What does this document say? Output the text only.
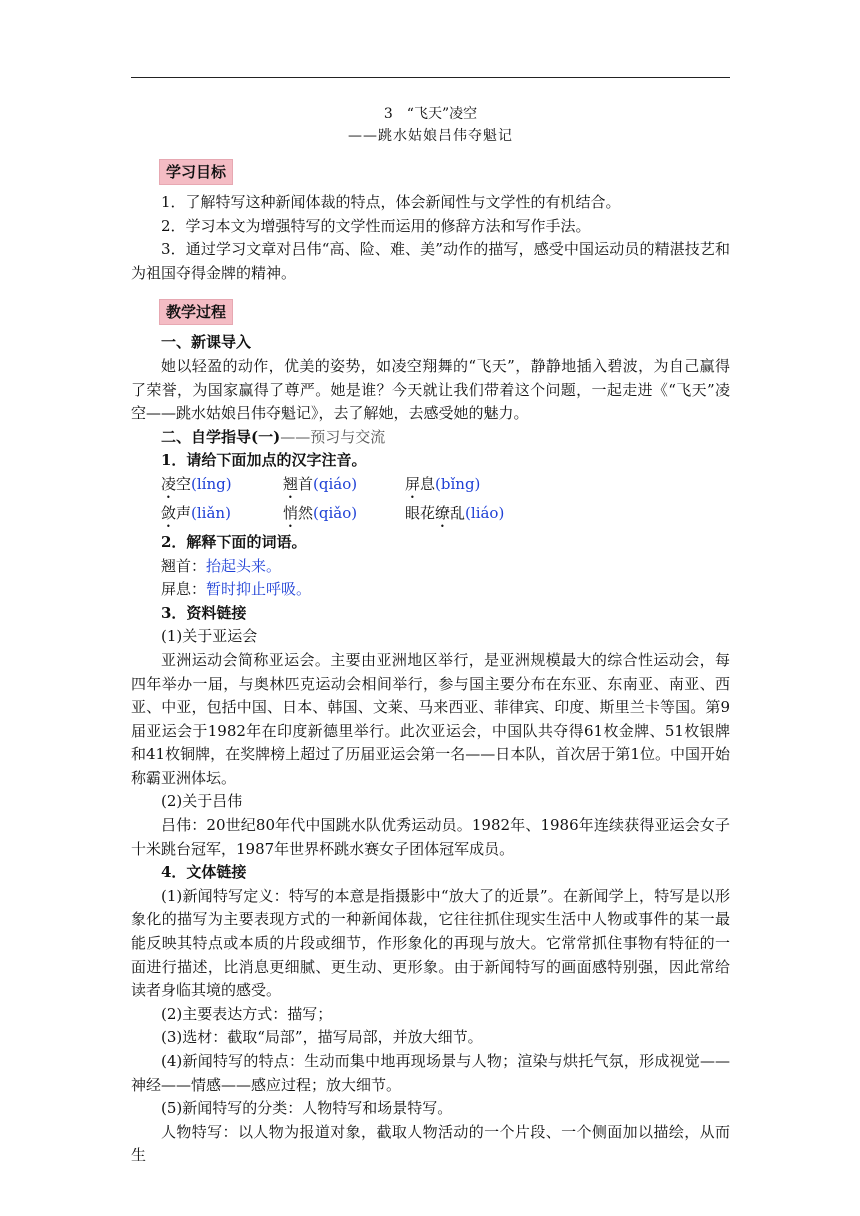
3　“飞天”凌空

——跳水姑娘吕伟夺魁记

学习目标

1．了解特写这种新闻体裁的特点，体会新闻性与文学性的有机结合。

2．学习本文为增强特写的文学性而运用的修辞方法和写作手法。

3．通过学习文章对吕伟“高、险、难、美”动作的描写，感受中国运动员的精湛技艺和为祖国夺得金牌的精神。

教学过程

一、新课导入

她以轻盈的动作，优美的姿势，如凌空翔舞的“飞天”，静静地插入碧波，为自己赢得了荣誉，为国家赢得了尊严。她是谁？今天就让我们带着这个问题，一起走进《“飞天”凌空——跳水姑娘吕伟夺魁记》，去了解她，去感受她的魅力。

二、自学指导(一)——预习与交流

1．请给下面加点的汉字注音。

凌空(líng)	翘首(qiáo)	屏息(bǐng)
敛声(liǎn)	悄然(qiǎo)	眼花缭乱(liáo)

2．解释下面的词语。

翘首：抬起头来。

屏息：暂时抑止呼吸。

3．资料链接

(1)关于亚运会

亚洲运动会简称亚运会。主要由亚洲地区举行，是亚洲规模最大的综合性运动会，每四年举办一届，与奥林匹克运动会相间举行，参与国主要分布在东亚、东南亚、南亚、西亚、中亚，包括中国、日本、韩国、文莱、马来西亚、菲律宾、印度、斯里兰卡等国。第9届亚运会于1982年在印度新德里举行。此次亚运会，中国队共夺得61枚金牌、51枚银牌和41枚铜牌，在奖牌榜上超过了历届亚运会第一名——日本队，首次居于第1位。中国开始称霸亚洲体坛。

(2)关于吕伟

吕伟：20世纪80年代中国跳水队优秀运动员。1982年、1986年连续获得亚运会女子十米跳台冠军，1987年世界杯跳水赛女子团体冠军成员。

4．文体链接

(1)新闻特写定义：特写的本意是指摄影中“放大了的近景”。在新闻学上，特写是以形象化的描写为主要表现方式的一种新闻体裁，它往往抓住现实生活中人物或事件的某一最能反映其特点或本质的片段或细节，作形象化的再现与放大。它常常抓住事物有特征的一面进行描述，比消息更细腻、更生动、更形象。由于新闻特写的画面感特别强，因此常给读者身临其境的感受。

(2)主要表达方式：描写；

(3)选材：截取“局部”，描写局部，并放大细节。

(4)新闻特写的特点：生动而集中地再现场景与人物；渲染与烘托气氛，形成视觉——神经——情感——感应过程；放大细节。

(5)新闻特写的分类：人物特写和场景特写。

人物特写：以人物为报道对象，截取人物活动的一个片段、一个侧面加以描绘，从而生
